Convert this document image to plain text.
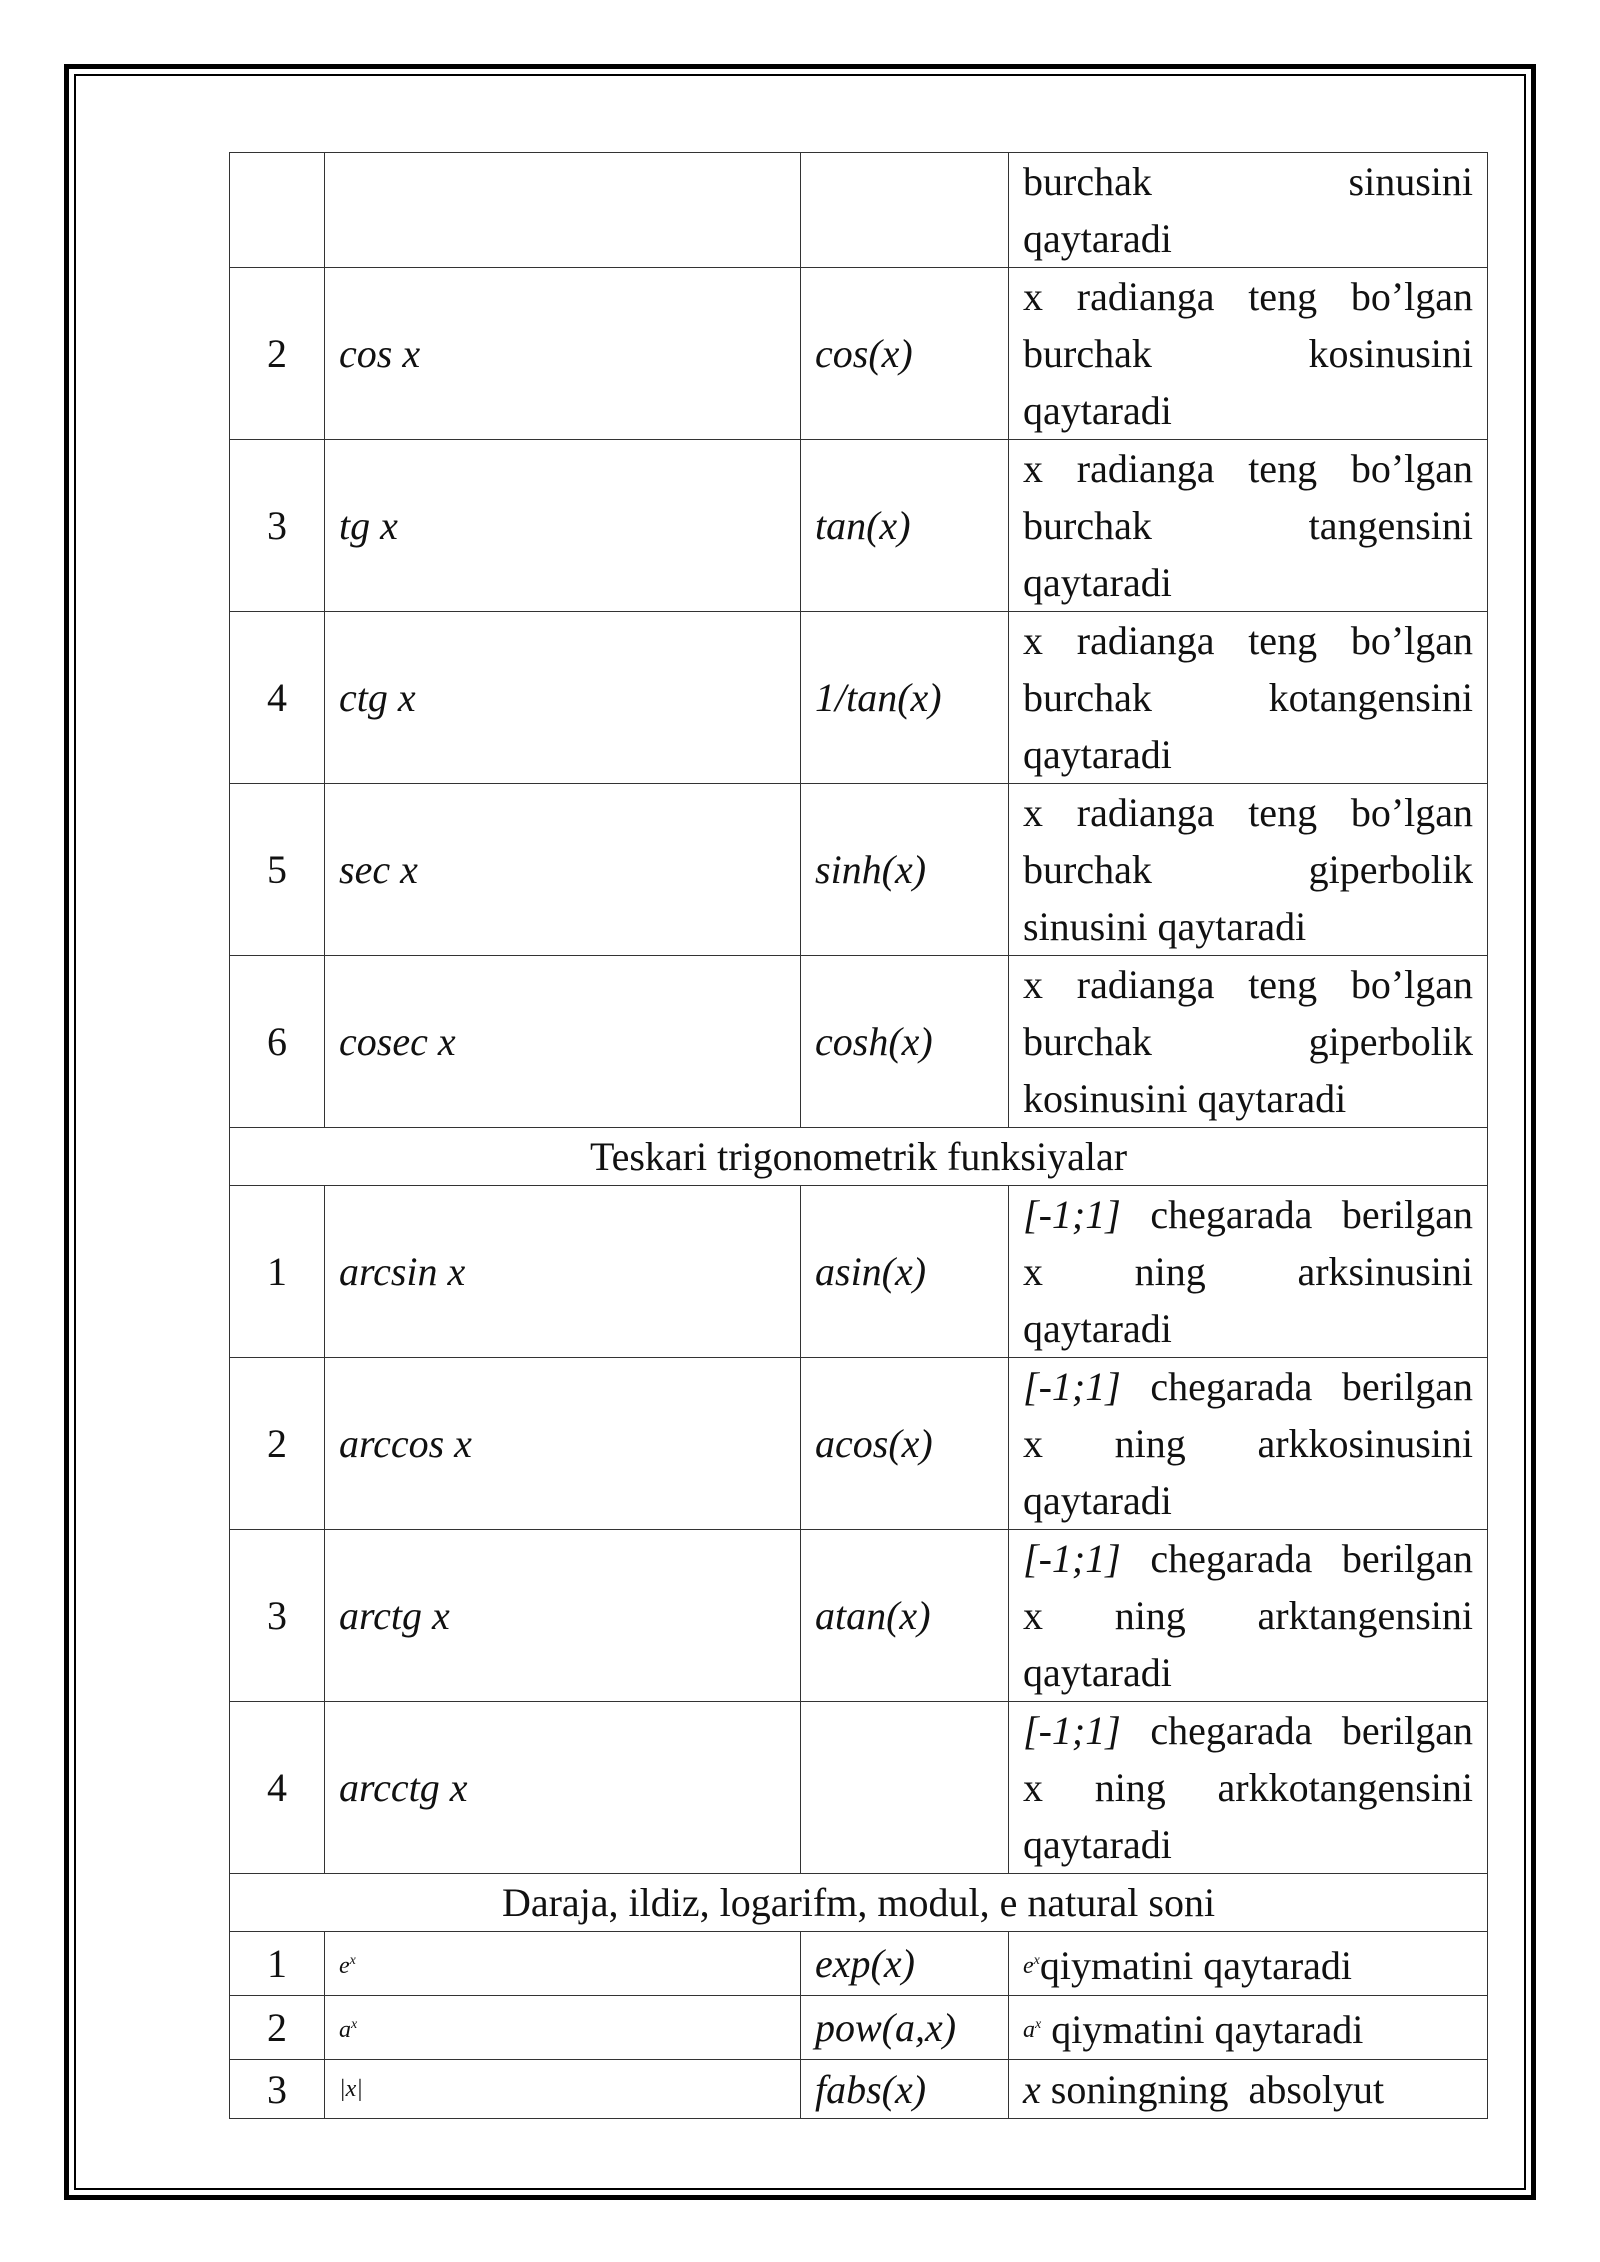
			burchak sinusini
qaytaradi

2	cos x	cos(x)	x radianga teng bo’lgan
burchak kosinusini
qaytaradi

3	tg x	tan(x)	x radianga teng bo’lgan
burchak tangensini
qaytaradi

4	ctg x	1/tan(x)	x radianga teng bo’lgan
burchak kotangensini
qaytaradi

5	sec x	sinh(x)	x radianga teng bo’lgan
burchak giperbolik
sinusini qaytaradi

6	cosec x	cosh(x)	x radianga teng bo’lgan
burchak giperbolik
kosinusini qaytaradi

Teskari trigonometrik funksiyalar			
1	arcsin x	asin(x)	[-1;1] chegarada berilgan
x ning arksinusini
qaytaradi

2	arccos x	acos(x)	[-1;1] chegarada berilgan
x ning arkkosinusini
qaytaradi

3	arctg x	atan(x)	[-1;1] chegarada berilgan
x ning arktangensini
qaytaradi

4	arcctg x		[-1;1] chegarada berilgan
x ning arkkotangensini
qaytaradi

Daraja, ildiz, logarifm, modul, e natural soni			
1	$e^x$	exp(x)	$e^xqiymatini$ qaytaradi
2	$a^x$	pow(a,x)	$a^x$ qiymatini qaytaradi
3	|x|	fabs(x)	x soningning  absolyut
